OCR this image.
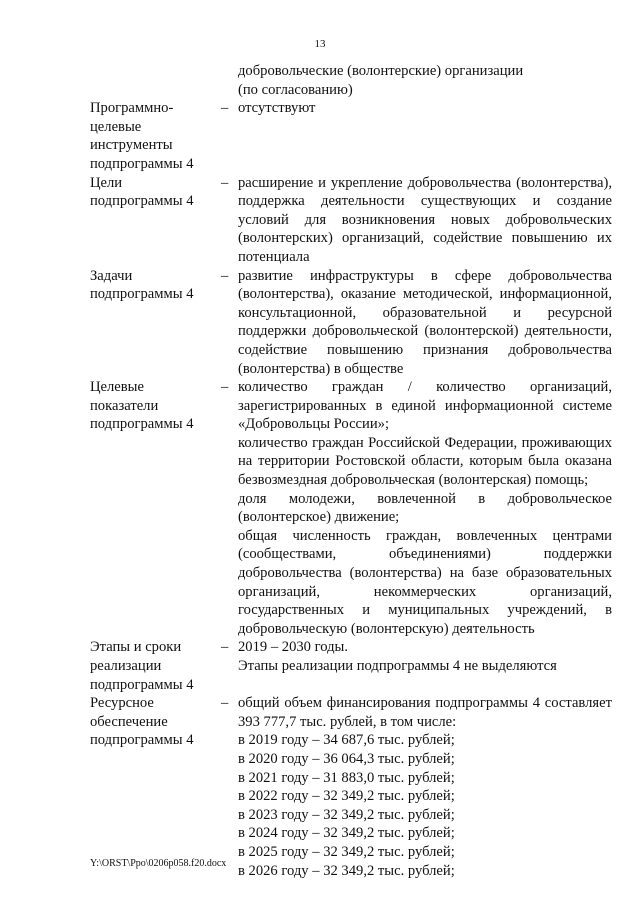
13

добровольческие (волонтерские) организации

(по согласованию)

Программно-
целевые
инструменты
подпрограммы 4
– отсутствуют

Цели
подпрограммы 4
– расширение и укрепление добровольчества (волонтерства), поддержка деятельности существующих и создание условий для возникновения новых добровольческих (волонтерских) организаций, содействие повышению их потенциала

Задачи
подпрограммы 4
– развитие инфраструктуры в сфере добровольчества (волонтерства), оказание методической, информационной, консультационной, образовательной и ресурсной поддержки добровольческой (волонтерской) деятельности, содействие повышению признания добровольчества (волонтерства) в обществе

Целевые
показатели
подпрограммы 4
– количество граждан / количество организаций, зарегистрированных в единой информационной системе «Добровольцы России»;

количество граждан Российской Федерации, проживающих на территории Ростовской области, которым была оказана безвозмездная добровольческая (волонтерская) помощь;

доля молодежи, вовлеченной в добровольческое (волонтерское) движение;

общая численность граждан, вовлеченных центрами (сообществами, объединениями) поддержки добровольчества (волонтерства) на базе образовательных организаций, некоммерческих организаций, государственных и муниципальных учреждений, в добровольческую (волонтерскую) деятельность

Этапы и сроки
реализации
подпрограммы 4
– 2019 – 2030 годы.

Этапы реализации подпрограммы 4 не выделяются

Ресурсное
обеспечение
подпрограммы 4
– общий объем финансирования подпрограммы 4 составляет 393 777,7 тыс. рублей, в том числе:

в 2019 году – 34 687,6 тыс. рублей;

в 2020 году – 36 064,3 тыс. рублей;

в 2021 году – 31 883,0 тыс. рублей;

в 2022 году – 32 349,2 тыс. рублей;

в 2023 году – 32 349,2 тыс. рублей;

в 2024 году – 32 349,2 тыс. рублей;

в 2025 году – 32 349,2 тыс. рублей;

в 2026 году – 32 349,2 тыс. рублей;

Y:\ORST\Ppo\0206p058.f20.docx
